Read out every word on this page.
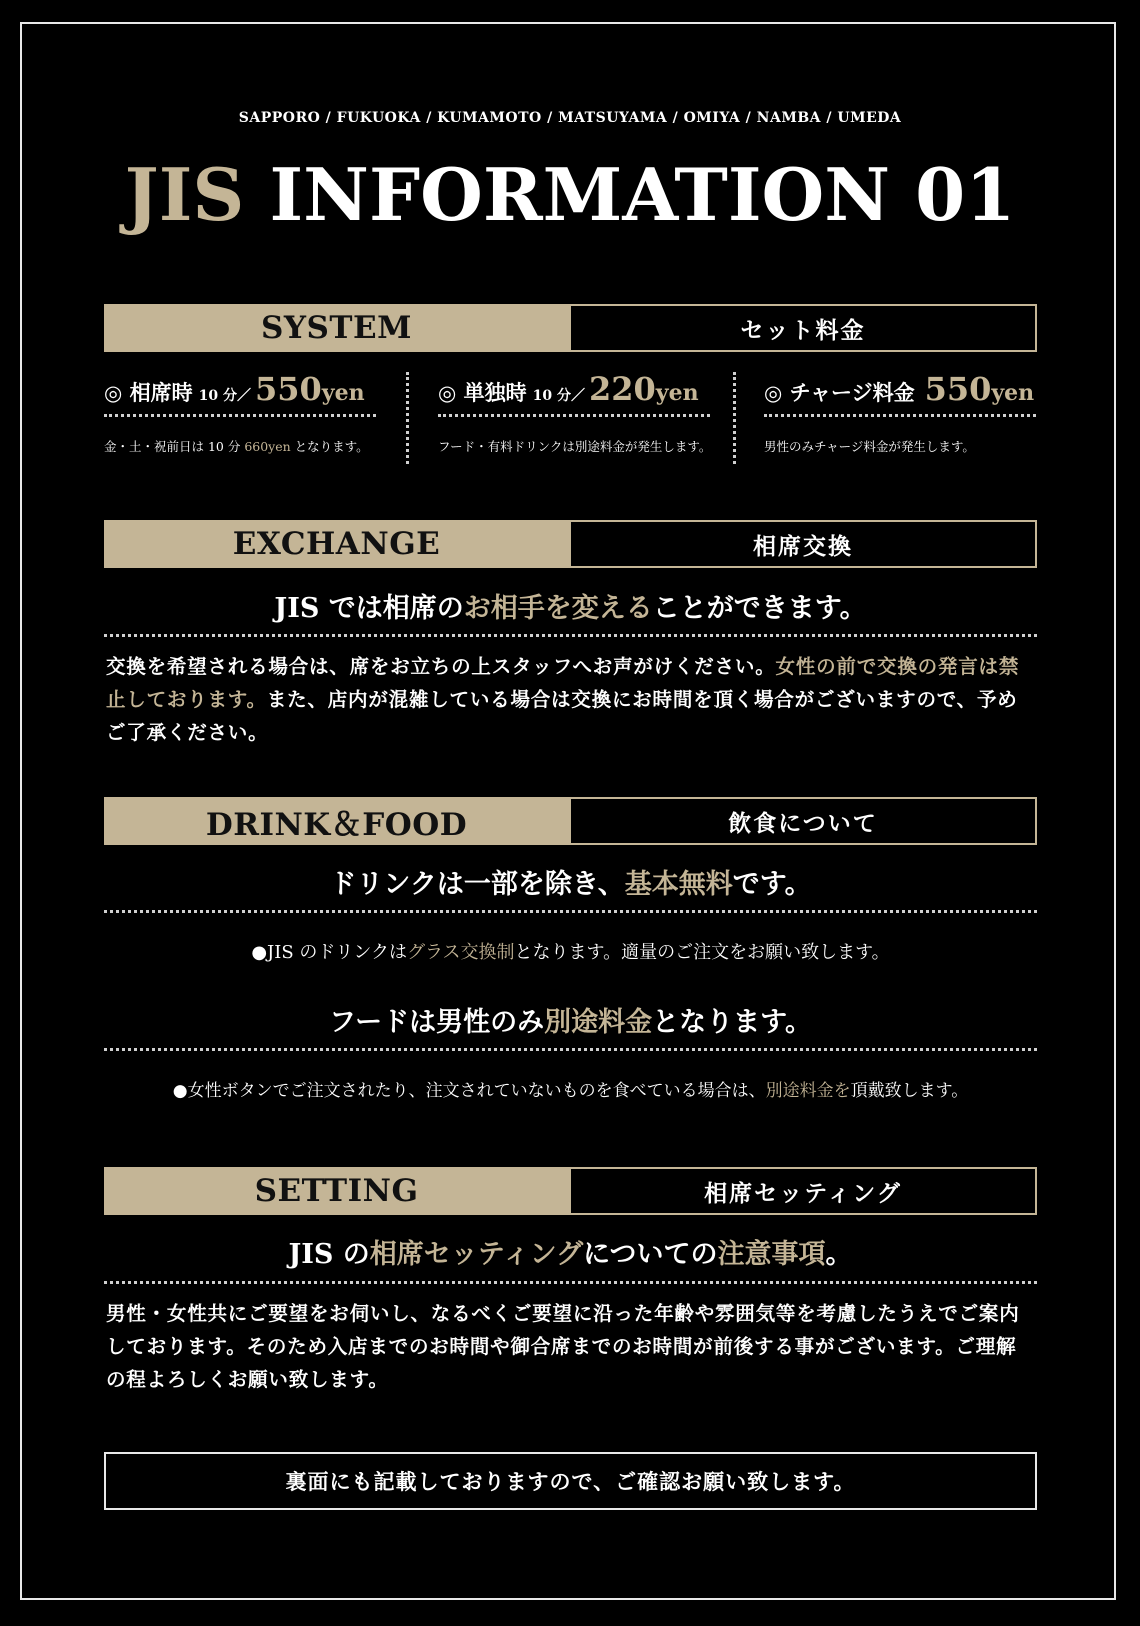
SAPPORO / FUKUOKA / KUMAMOTO / MATSUYAMA / OMIYA / NAMBA / UMEDA
JIS INFORMATION 01
SYSTEM	セット料金
◎ 相席時 10 分／ 550 yen
金・土・祝前日は 10 分 660yen となります。
◎ 単独時 10 分／ 220 yen
フード・有料ドリンクは別途料金が発生します。
◎ チャージ料金 550 yen
男性のみチャージ料金が発生します。
EXCHANGE	相席交換
JIS では相席のお相手を変えることができます。
交換を希望される場合は、席をお立ちの上スタッフへお声がけください。女性の前で交換の発言は禁止しております。また、店内が混雑している場合は交換にお時間を頂く場合がございますので、予めご了承ください。
DRINK＆FOOD	飲食について
ドリンクは一部を除き、基本無料です。
●JIS のドリンクはグラス交換制となります。適量のご注文をお願い致します。
フードは男性のみ別途料金となります。
●女性ボタンでご注文されたり、注文されていないものを食べている場合は、別途料金を頂戴致します。
SETTING	相席セッティング
JIS の相席セッティングについての注意事項。
男性・女性共にご要望をお伺いし、なるべくご要望に沿った年齢や雰囲気等を考慮したうえでご案内しております。そのため入店までのお時間や御合席までのお時間が前後する事がございます。ご理解の程よろしくお願い致します。
裏面にも記載しておりますので、ご確認お願い致します。
